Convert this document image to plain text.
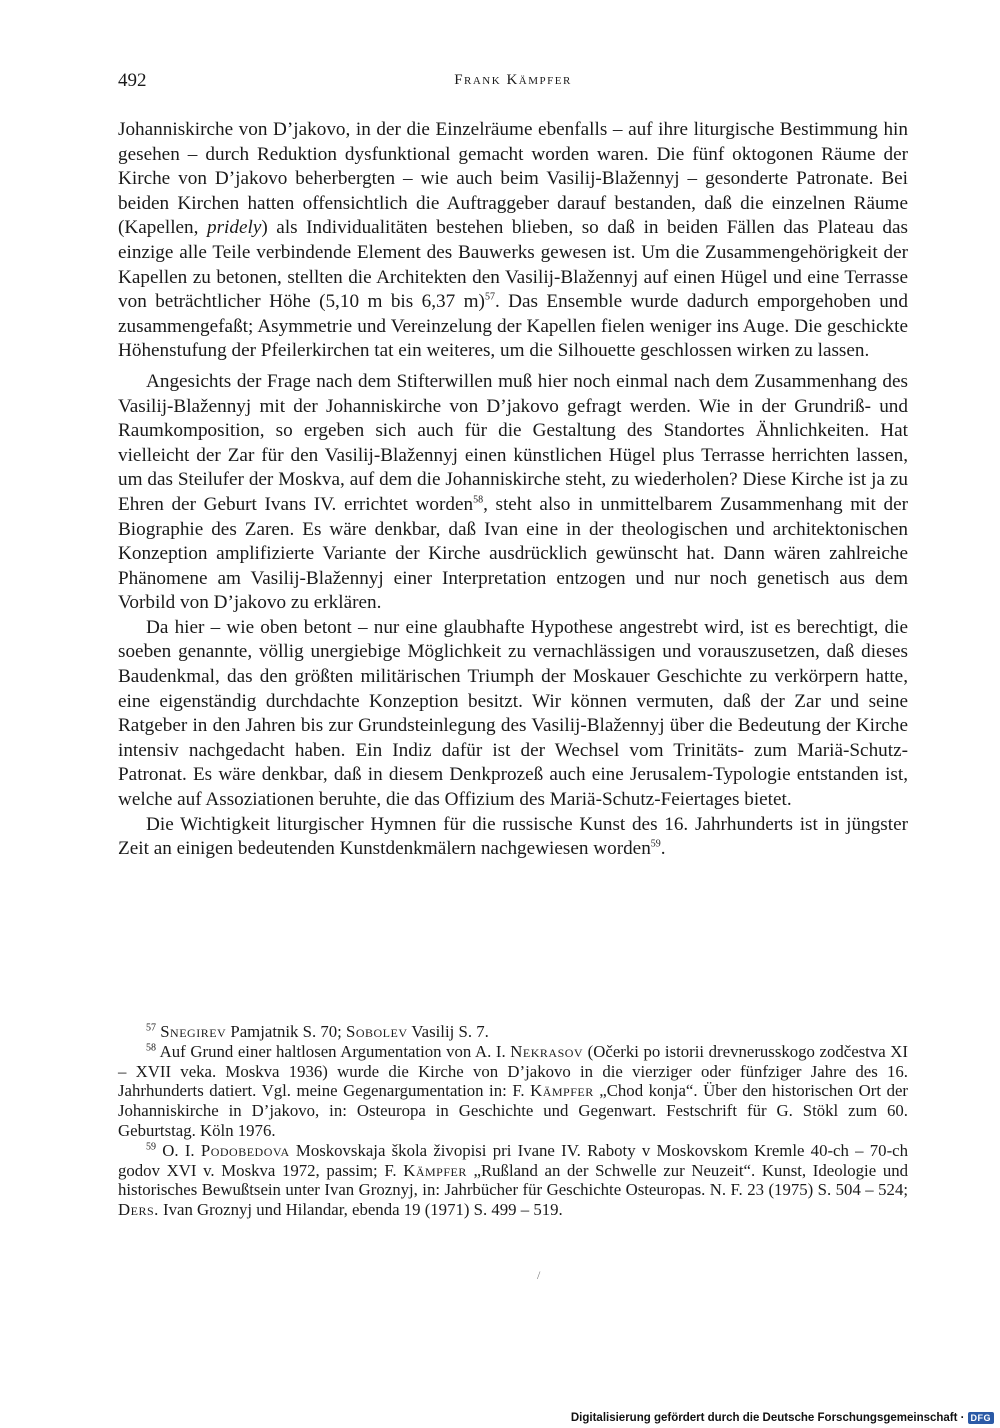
492	Frank Kämpfer

Johanniskirche von D’jakovo, in der die Einzelräume ebenfalls – auf ihre liturgische Bestimmung hin gesehen – durch Reduktion dysfunktional gemacht worden waren. Die fünf oktogonen Räume der Kirche von D’jakovo beherbergten – wie auch beim Vasilij-Blažennyj – gesonderte Patronate. Bei beiden Kirchen hatten offensichtlich die Auftraggeber darauf bestanden, daß die einzelnen Räume (Kapellen, pridely) als Individualitäten bestehen blieben, so daß in beiden Fällen das Plateau das einzige alle Teile verbindende Element des Bauwerks gewesen ist. Um die Zusammengehörigkeit der Kapellen zu betonen, stellten die Architekten den Vasilij-Blažennyj auf einen Hügel und eine Terrasse von beträchtlicher Höhe (5,10 m bis 6,37 m)$^{57}$. Das Ensemble wurde dadurch emporgehoben und zusammengefaßt; Asymmetrie und Vereinzelung der Kapellen fielen weniger ins Auge. Die geschickte Höhenstufung der Pfeilerkirchen tat ein weiteres, um die Silhouette geschlossen wirken zu lassen.

Angesichts der Frage nach dem Stifterwillen muß hier noch einmal nach dem Zusammenhang des Vasilij-Blažennyj mit der Johanniskirche von D’jakovo gefragt werden. Wie in der Grundriß- und Raumkomposition, so ergeben sich auch für die Gestaltung des Standortes Ähnlichkeiten. Hat vielleicht der Zar für den Vasilij-Blažennyj einen künstlichen Hügel plus Terrasse herrichten lassen, um das Steilufer der Moskva, auf dem die Johanniskirche steht, zu wiederholen? Diese Kirche ist ja zu Ehren der Geburt Ivans IV. errichtet worden$^{58}$, steht also in unmittelbarem Zusammenhang mit der Biographie des Zaren. Es wäre denkbar, daß Ivan eine in der theologischen und architektonischen Konzeption amplifizierte Variante der Kirche ausdrücklich gewünscht hat. Dann wären zahlreiche Phänomene am Vasilij-Blažennyj einer Interpretation entzogen und nur noch genetisch aus dem Vorbild von D’jakovo zu erklären.

Da hier – wie oben betont – nur eine glaubhafte Hypothese angestrebt wird, ist es berechtigt, die soeben genannte, völlig unergiebige Möglichkeit zu vernachlässigen und vorauszusetzen, daß dieses Baudenkmal, das den größten militärischen Triumph der Moskauer Geschichte zu verkörpern hatte, eine eigenständig durchdachte Konzeption besitzt. Wir können vermuten, daß der Zar und seine Ratgeber in den Jahren bis zur Grundsteinlegung des Vasilij-Blažennyj über die Bedeutung der Kirche intensiv nachgedacht haben. Ein Indiz dafür ist der Wechsel vom Trinitäts- zum Mariä-Schutz-Patronat. Es wäre denkbar, daß in diesem Denkprozeß auch eine Jerusalem-Typologie entstanden ist, welche auf Assoziationen beruhte, die das Offizium des Mariä-Schutz-Feiertages bietet.

Die Wichtigkeit liturgischer Hymnen für die russische Kunst des 16. Jahrhunderts ist in jüngster Zeit an einigen bedeutenden Kunstdenkmälern nachgewiesen worden$^{59}$.

$^{57}$ Snegirev Pamjatnik S. 70; Sobolev Vasilij S. 7.

$^{58}$ Auf Grund einer haltlosen Argumentation von A. I. Nekrasov (Očerki po istorii drevnerusskogo zodčestva XI – XVII veka. Moskva 1936) wurde die Kirche von D’jakovo in die vierziger oder fünfziger Jahre des 16. Jahrhunderts datiert. Vgl. meine Gegenargumentation in: F. Kämpfer „Chod konja“. Über den historischen Ort der Johanniskirche in D’jakovo, in: Osteuropa in Geschichte und Gegenwart. Festschrift für G. Stökl zum 60. Geburtstag. Köln 1976.

$^{59}$ O. I. Podobedova Moskovskaja škola živopisi pri Ivane IV. Raboty v Moskovskom Kremle 40-ch – 70-ch godov XVI v. Moskva 1972, passim; F. Kämpfer „Rußland an der Schwelle zur Neuzeit“. Kunst, Ideologie und historisches Bewußtsein unter Ivan Groznyj, in: Jahrbücher für Geschichte Osteuropas. N. F. 23 (1975) S. 504 – 524; Ders. Ivan Groznyj und Hilandar, ebenda 19 (1971) S. 499 – 519.

/
Digitalisierung gefördert durch die Deutsche Forschungsgemeinschaft · DFG
